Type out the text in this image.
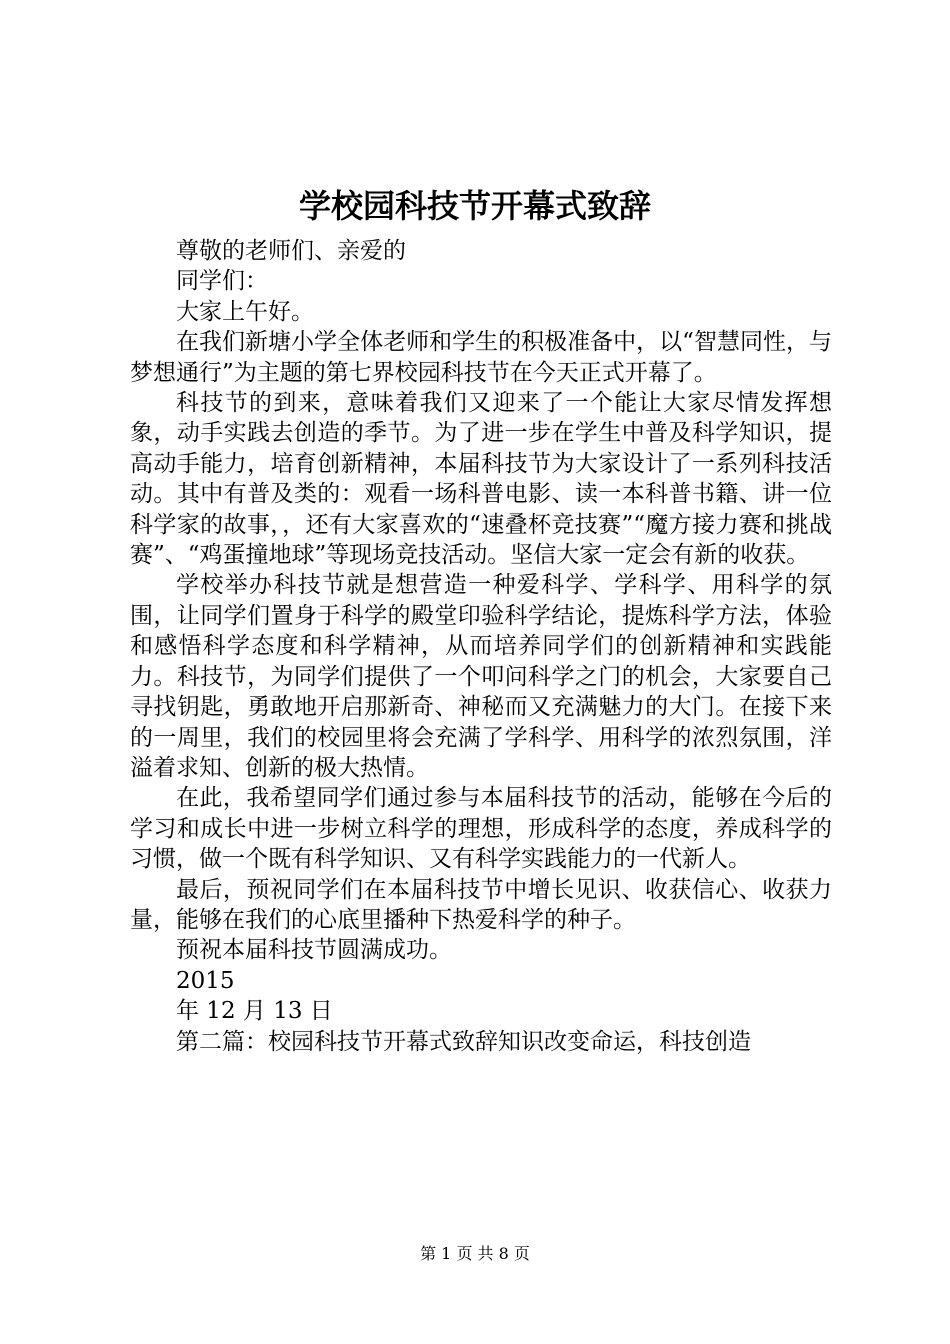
学校园科技节开幕式致辞

尊敬的老师们、亲爱的

同学们：

大家上午好。

在我们新塘小学全体老师和学生的积极准备中，以“智慧同性，与梦想通行”为主题的第七界校园科技节在今天正式开幕了。

科技节的到来，意味着我们又迎来了一个能让大家尽情发挥想象，动手实践去创造的季节。为了进一步在学生中普及科学知识，提高动手能力，培育创新精神，本届科技节为大家设计了一系列科技活动。其中有普及类的：观看一场科普电影、读一本科普书籍、讲一位科学家的故事，，还有大家喜欢的“速叠杯竞技赛”“魔方接力赛和挑战赛”、“鸡蛋撞地球”等现场竞技活动。坚信大家一定会有新的收获。

学校举办科技节就是想营造一种爱科学、学科学、用科学的氛围，让同学们置身于科学的殿堂印验科学结论，提炼科学方法，体验和感悟科学态度和科学精神，从而培养同学们的创新精神和实践能力。科技节，为同学们提供了一个叩问科学之门的机会，大家要自己寻找钥匙，勇敢地开启那新奇、神秘而又充满魅力的大门。在接下来的一周里，我们的校园里将会充满了学科学、用科学的浓烈氛围，洋溢着求知、创新的极大热情。

在此，我希望同学们通过参与本届科技节的活动，能够在今后的学习和成长中进一步树立科学的理想，形成科学的态度，养成科学的习惯，做一个既有科学知识、又有科学实践能力的一代新人。

最后，预祝同学们在本届科技节中增长见识、收获信心、收获力量，能够在我们的心底里播种下热爱科学的种子。

预祝本届科技节圆满成功。

2015

年 12 月 13 日

第二篇：校园科技节开幕式致辞知识改变命运，科技创造

第 1 页 共 8 页
